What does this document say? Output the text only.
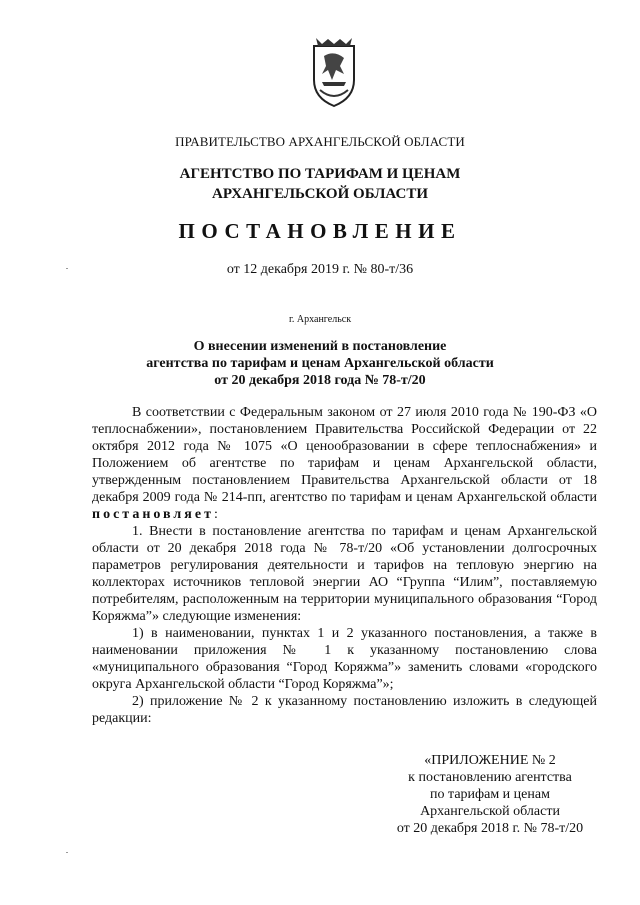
ПРАВИТЕЛЬСТВО АРХАНГЕЛЬСКОЙ ОБЛАСТИ
АГЕНТСТВО ПО ТАРИФАМ И ЦЕНАМ
АРХАНГЕЛЬСКОЙ ОБЛАСТИ
ПОСТАНОВЛЕНИЕ
от 12 декабря 2019 г. № 80-т/36
г. Архангельск
О внесении изменений в постановление
агентства по тарифам и ценам Архангельской области
от 20 декабря 2018 года № 78-т/20

В соответствии с Федеральным законом от 27 июля 2010 года № 190-ФЗ «О теплоснабжении», постановлением Правительства Российской Федерации от 22 октября 2012 года № 1075 «О ценообразовании в сфере теплоснабжения» и Положением об агентстве по тарифам и ценам Архангельской области, утвержденным постановлением Правительства Архангельской области от 18 декабря 2009 года № 214-пп, агентство по тарифам и ценам Архангельской области постановляет:

1. Внести в постановление агентства по тарифам и ценам Архангельской области от 20 декабря 2018 года № 78-т/20 «Об установлении долгосрочных параметров регулирования деятельности и тарифов на тепловую энергию на коллекторах источников тепловой энергии АО “Группа “Илим”, поставляемую потребителям, расположенным на территории муниципального образования “Город Коряжма”» следующие изменения:

1) в наименовании, пунктах 1 и 2 указанного постановления, а также в наименовании приложения № 1 к указанному постановлению слова «муниципального образования “Город Коряжма”» заменить словами «городского округа Архангельской области “Город Коряжма”»;

2) приложение № 2 к указанному постановлению изложить в следующей редакции:

«ПРИЛОЖЕНИЕ № 2
к постановлению агентства
по тарифам и ценам
Архангельской области
от 20 декабря 2018 г. № 78-т/20
